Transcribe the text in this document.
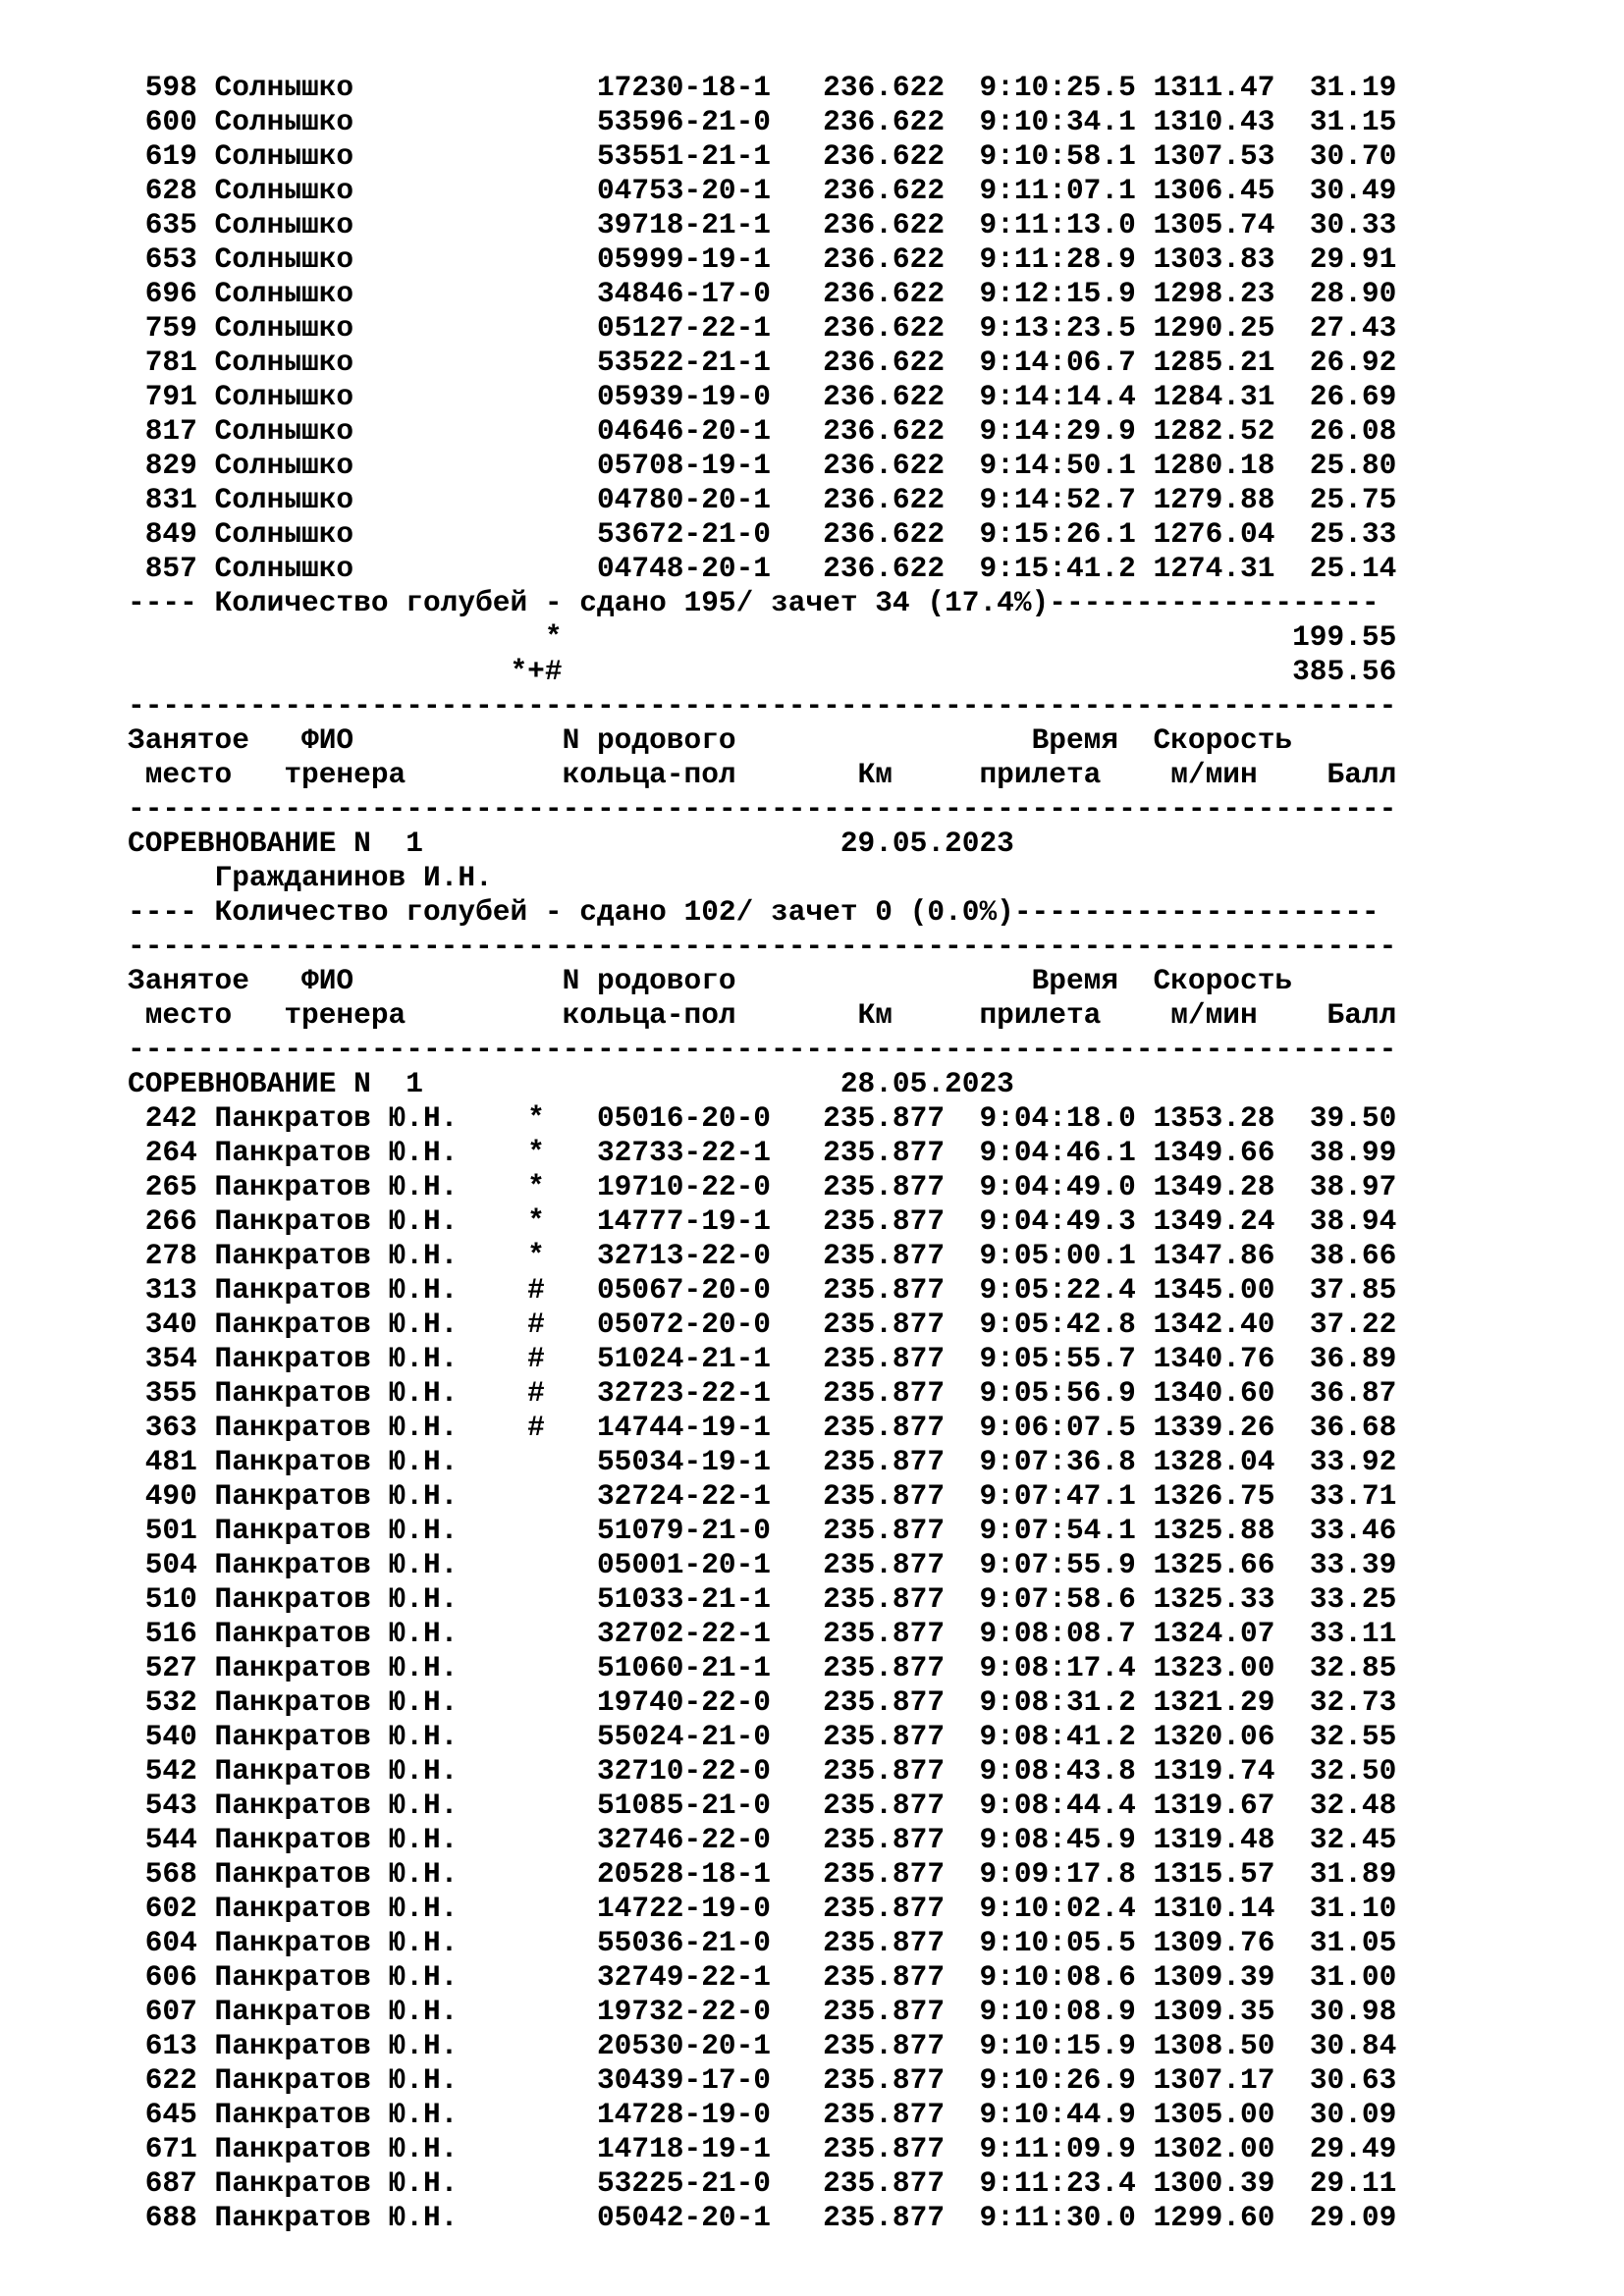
598 Солнышко	17230-18-1 236.622 9:10:25.5 1311.47 31.19
600 Солнышко	53596-21-0 236.622 9:10:34.1 1310.43 31.15
619 Солнышко	53551-21-1 236.622 9:10:58.1 1307.53 30.70
628 Солнышко	04753-20-1 236.622 9:11:07.1 1306.45 30.49
635 Солнышко	39718-21-1 236.622 9:11:13.0 1305.74 30.33
653 Солнышко	05999-19-1 236.622 9:11:28.9 1303.83 29.91
696 Солнышко	34846-17-0 236.622 9:12:15.9 1298.23 28.90
759 Солнышко	05127-22-1 236.622 9:13:23.5 1290.25 27.43
781 Солнышко	53522-21-1 236.622 9:14:06.7 1285.21 26.92
791 Солнышко	05939-19-0 236.622 9:14:14.4 1284.31 26.69
817 Солнышко	04646-20-1 236.622 9:14:29.9 1282.52 26.08
829 Солнышко	05708-19-1 236.622 9:14:50.1 1280.18 25.80
831 Солнышко	04780-20-1 236.622 9:14:52.7 1279.88 25.75
849 Солнышко	53672-21-0 236.622 9:15:26.1 1276.04 25.33
857 Солнышко	04748-20-1 236.622 9:15:41.2 1274.31 25.14
---- Количество голубей - сдано 195/ зачет 34 (17.4%)-------------------
*	199.55
*+#	385.56
-------------------------------------------------------------------------
Занятое ФИО	N родового	Время Скорость
место тренера	кольца-пол	Км	прилета м/мин Балл
-------------------------------------------------------------------------
СОРЕВНОВАНИЕ N 1	29.05.2023
Гражданинов И.Н.
---- Количество голубей - сдано 102/ зачет 0 (0.0%)---------------------
-------------------------------------------------------------------------
Занятое ФИО	N родового	Время Скорость
место тренера	кольца-пол	Км	прилета м/мин Балл
-------------------------------------------------------------------------
СОРЕВНОВАНИЕ N 1	28.05.2023
242 Панкратов Ю.Н. * 05016-20-0 235.877 9:04:18.0 1353.28 39.50
264 Панкратов Ю.Н. * 32733-22-1 235.877 9:04:46.1 1349.66 38.99
265 Панкратов Ю.Н. * 19710-22-0 235.877 9:04:49.0 1349.28 38.97
266 Панкратов Ю.Н. * 14777-19-1 235.877 9:04:49.3 1349.24 38.94
278 Панкратов Ю.Н. * 32713-22-0 235.877 9:05:00.1 1347.86 38.66
313 Панкратов Ю.Н. # 05067-20-0 235.877 9:05:22.4 1345.00 37.85
340 Панкратов Ю.Н. # 05072-20-0 235.877 9:05:42.8 1342.40 37.22
354 Панкратов Ю.Н. # 51024-21-1 235.877 9:05:55.7 1340.76 36.89
355 Панкратов Ю.Н. # 32723-22-1 235.877 9:05:56.9 1340.60 36.87
363 Панкратов Ю.Н. # 14744-19-1 235.877 9:06:07.5 1339.26 36.68
481 Панкратов Ю.Н.	55034-19-1 235.877 9:07:36.8 1328.04 33.92
490 Панкратов Ю.Н.	32724-22-1 235.877 9:07:47.1 1326.75 33.71
501 Панкратов Ю.Н.	51079-21-0 235.877 9:07:54.1 1325.88 33.46
504 Панкратов Ю.Н.	05001-20-1 235.877 9:07:55.9 1325.66 33.39
510 Панкратов Ю.Н.	51033-21-1 235.877 9:07:58.6 1325.33 33.25
516 Панкратов Ю.Н.	32702-22-1 235.877 9:08:08.7 1324.07 33.11
527 Панкратов Ю.Н.	51060-21-1 235.877 9:08:17.4 1323.00 32.85
532 Панкратов Ю.Н.	19740-22-0 235.877 9:08:31.2 1321.29 32.73
540 Панкратов Ю.Н.	55024-21-0 235.877 9:08:41.2 1320.06 32.55
542 Панкратов Ю.Н.	32710-22-0 235.877 9:08:43.8 1319.74 32.50
543 Панкратов Ю.Н.	51085-21-0 235.877 9:08:44.4 1319.67 32.48
544 Панкратов Ю.Н.	32746-22-0 235.877 9:08:45.9 1319.48 32.45
568 Панкратов Ю.Н.	20528-18-1 235.877 9:09:17.8 1315.57 31.89
602 Панкратов Ю.Н.	14722-19-0 235.877 9:10:02.4 1310.14 31.10
604 Панкратов Ю.Н.	55036-21-0 235.877 9:10:05.5 1309.76 31.05
606 Панкратов Ю.Н.	32749-22-1 235.877 9:10:08.6 1309.39 31.00
607 Панкратов Ю.Н.	19732-22-0 235.877 9:10:08.9 1309.35 30.98
613 Панкратов Ю.Н.	20530-20-1 235.877 9:10:15.9 1308.50 30.84
622 Панкратов Ю.Н.	30439-17-0 235.877 9:10:26.9 1307.17 30.63
645 Панкратов Ю.Н.	14728-19-0 235.877 9:10:44.9 1305.00 30.09
671 Панкратов Ю.Н.	14718-19-1 235.877 9:11:09.9 1302.00 29.49
687 Панкратов Ю.Н.	53225-21-0 235.877 9:11:23.4 1300.39 29.11
688 Панкратов Ю.Н.	05042-20-1 235.877 9:11:30.0 1299.60 29.09
